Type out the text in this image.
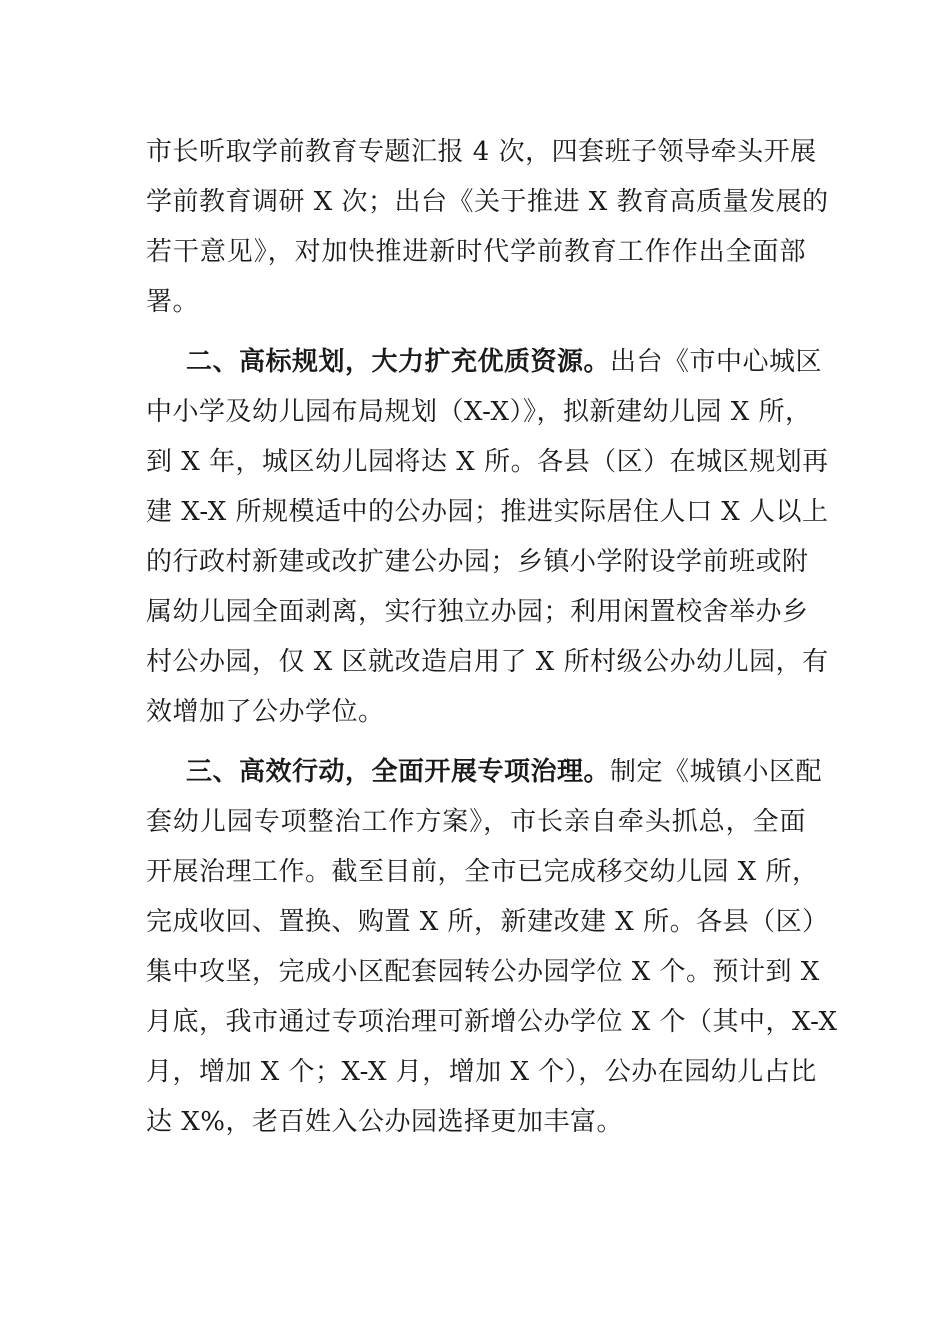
市长听取学前教育专题汇报 4 次，四套班子领导牵头开展
学前教育调研 X 次；出台《关于推进 X 教育高质量发展的
若干意见》，对加快推进新时代学前教育工作作出全面部
署。
二、高标规划，大力扩充优质资源。出台《市中心城区
中小学及幼儿园布局规划（X-X）》，拟新建幼儿园 X 所，
到 X 年，城区幼儿园将达 X 所。各县（区）在城区规划再
建 X-X 所规模适中的公办园；推进实际居住人口 X 人以上
的行政村新建或改扩建公办园；乡镇小学附设学前班或附
属幼儿园全面剥离，实行独立办园；利用闲置校舍举办乡
村公办园，仅 X 区就改造启用了 X 所村级公办幼儿园，有
效增加了公办学位。
三、高效行动，全面开展专项治理。制定《城镇小区配
套幼儿园专项整治工作方案》，市长亲自牵头抓总，全面
开展治理工作。截至目前，全市已完成移交幼儿园 X 所，
完成收回、置换、购置 X 所，新建改建 X 所。各县（区）
集中攻坚，完成小区配套园转公办园学位 X 个。预计到 X
月底，我市通过专项治理可新增公办学位 X 个（其中，X-X
月，增加 X 个；X-X 月，增加 X 个），公办在园幼儿占比
达 X%，老百姓入公办园选择更加丰富。
